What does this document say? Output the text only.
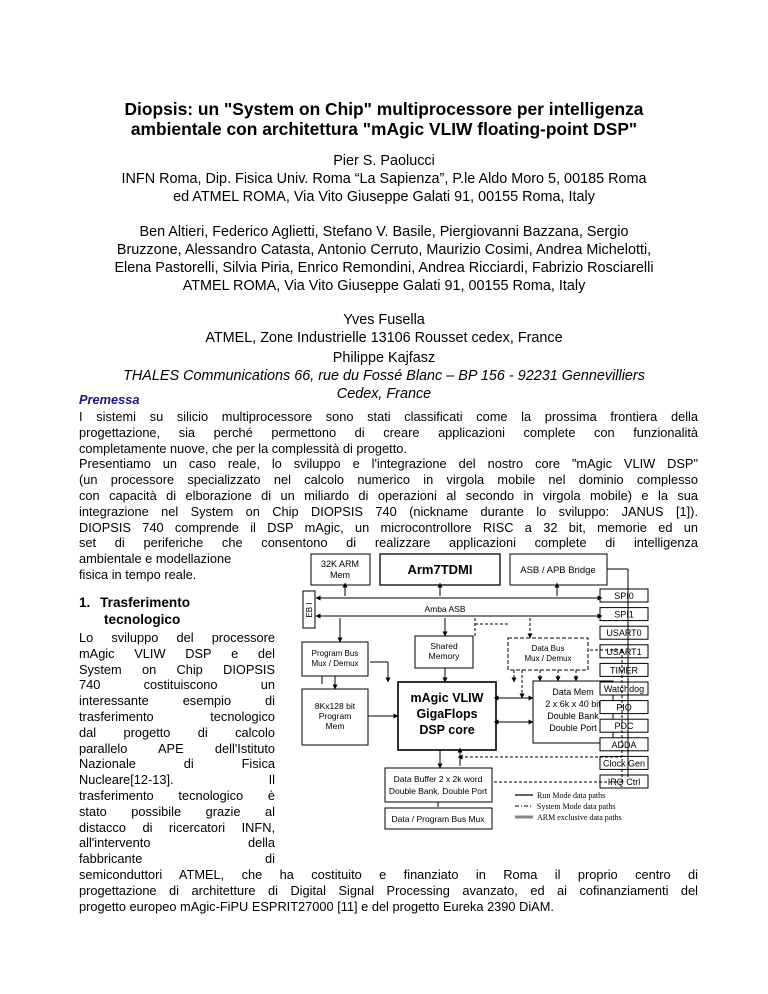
Diopsis: un "System on Chip" multiprocessore per intelligenza
ambientale con architettura "mAgic VLIW floating-point DSP"
Pier S. Paolucci
INFN Roma, Dip. Fisica Univ. Roma “La Sapienza”, P.le Aldo Moro 5, 00185 Roma
ed ATMEL ROMA, Via Vito Giuseppe Galati 91, 00155 Roma, Italy
Ben Altieri, Federico Aglietti, Stefano V. Basile, Piergiovanni Bazzana, Sergio
Bruzzone, Alessandro Catasta, Antonio Cerruto, Maurizio Cosimi, Andrea Michelotti,
Elena Pastorelli, Silvia Piria, Enrico Remondini, Andrea Ricciardi, Fabrizio Rosciarelli
ATMEL ROMA, Via Vito Giuseppe Galati 91, 00155 Roma, Italy
Yves Fusella
ATMEL, Zone Industrielle 13106 Rousset cedex, France
Philippe Kajfasz
THALES Communications 66, rue du Fossé Blanc – BP 156 - 92231 Gennevilliers
Cedex, France
Premessa
I sistemi su silicio multiprocessore sono stati classificati come la prossima frontiera della
progettazione, sia perché permettono di creare applicazioni complete con funzionalità
completamente nuove, che per la complessità di progetto.
Presentiamo un caso reale, lo sviluppo e l'integrazione del nostro core "mAgic VLIW DSP"
(un processore specializzato nel calcolo numerico in virgola mobile nel dominio complesso
con capacità di elborazione di un miliardo di operazioni al secondo in virgola mobile) e la sua
integrazione nel System on Chip DIOPSIS 740 (nickname durante lo sviluppo: JANUS [1]).
DIOPSIS 740 comprende il DSP mAgic, un microcontrollore RISC a 32 bit, memorie ed un
set di periferiche che consentono di realizzare applicazioni complete di intelligenza
ambientale e modellazione
fisica in tempo reale.
1. Trasferimento
tecnologico
Lo sviluppo del processore
mAgic VLIW DSP e del
System on Chip DIOPSIS
740 costituiscono un
interessante esempio di
trasferimento tecnologico
dal progetto di calcolo
parallelo APE dell'Istituto
Nazionale di Fisica
Nucleare[12-13]. Il
trasferimento tecnologico è
stato possibile grazie al
distacco di ricercatori INFN,
all'intervento della
fabbricante di
semiconduttori ATMEL, che ha costituito e finanziato in Roma il proprio centro di
progettazione di architetture di Digital Signal Processing avanzato, ed ai cofinanziamenti del
progetto europeo mAgic-FiPU ESPRIT27000 [11] e del progetto Eureka 2390 DiAM.
32K ARM
Mem	Arm7TDMI	ASB / APB Bridge
EB I	Amba ASB
Program Bus
Mux / Demux
Shared
Memory
Data Bus
Mux / Demux
8Kx128 bit
Program
Mem
mAgic VLIW
GigaFlops
DSP core
Data Mem
2 x 6k x 40 bit
Double Bank
Double Port
Data Buffer 2 x 2k word
Double Bank, Double Port
Data / Program Bus Mux
Run Mode data paths
System Mode data paths
ARM exclusive data paths
SPI0
SPI1
USART0
USART1
TIMER
Watchdog
PIO
PDC
ADDA
Clock Gen
IRQ Ctrl
